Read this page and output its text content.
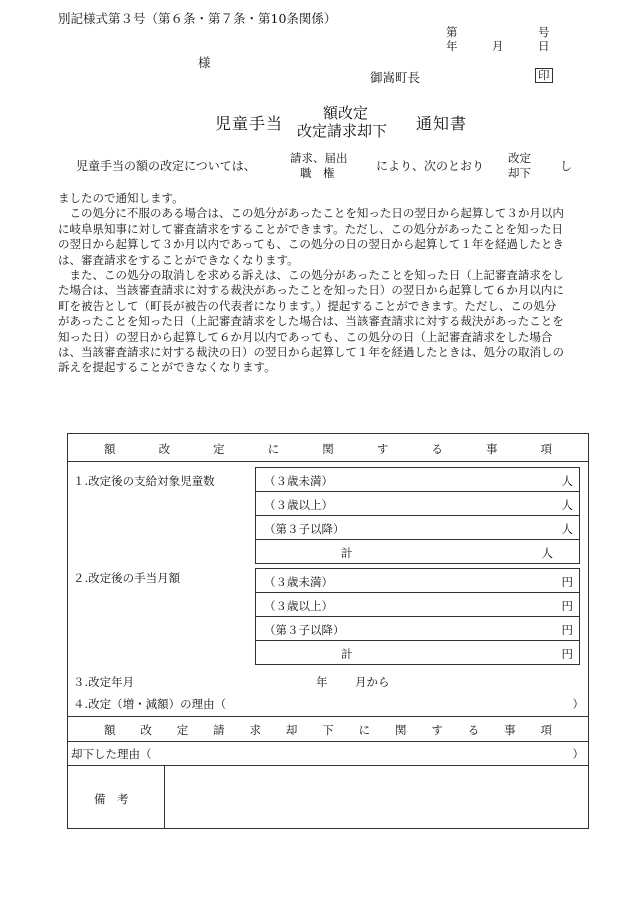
別記様式第３号（第６条・第７条・第10条関係）
第	号
年	月	日
様
御嵩町長	印
児童手当
額改定
改定請求却下 通知書
児童手当の額の改定については、
請求、届出
職　権	により、次のとおり
改定
却下 し

ましたので通知します。

この処分に不服のある場合は、この処分があったことを知った日の翌日から起算して３か月以内に岐阜県知事に対して審査請求をすることができます。ただし、この処分があったことを知った日の翌日から起算して３か月以内であっても、この処分の日の翌日から起算して１年を経過したときは、審査請求をすることができなくなります。

また、この処分の取消しを求める訴えは、この処分があったことを知った日（上記審査請求をした場合は、当該審査請求に対する裁決があったことを知った日）の翌日から起算して６か月以内に町を被告として（町長が被告の代表者になります。）提起することができます。ただし、この処分があったことを知った日（上記審査請求をした場合は、当該審査請求に対する裁決があったことを知った日）の翌日から起算して６か月以内であっても、この処分の日（上記審査請求をした場合は、当該審査請求に対する裁決の日）の翌日から起算して１年を経過したときは、処分の取消しの訴えを提起することができなくなります。

額	改	定	に	関	す	る	事	項
１.改定後の支給対象児童数	（３歳未満）	人
（３歳以上）	人
（第３子以降）	人
計	人
２.改定後の手当月額	（３歳未満）	円
（３歳以上）	円
（第３子以降）	円
計	円
３.改定年月	年 月から
４.改定（増・減額）の理由（	）
額 改 定 請 求 却 下 に 関 す る 事 項
却下した理由（	）
備　考
